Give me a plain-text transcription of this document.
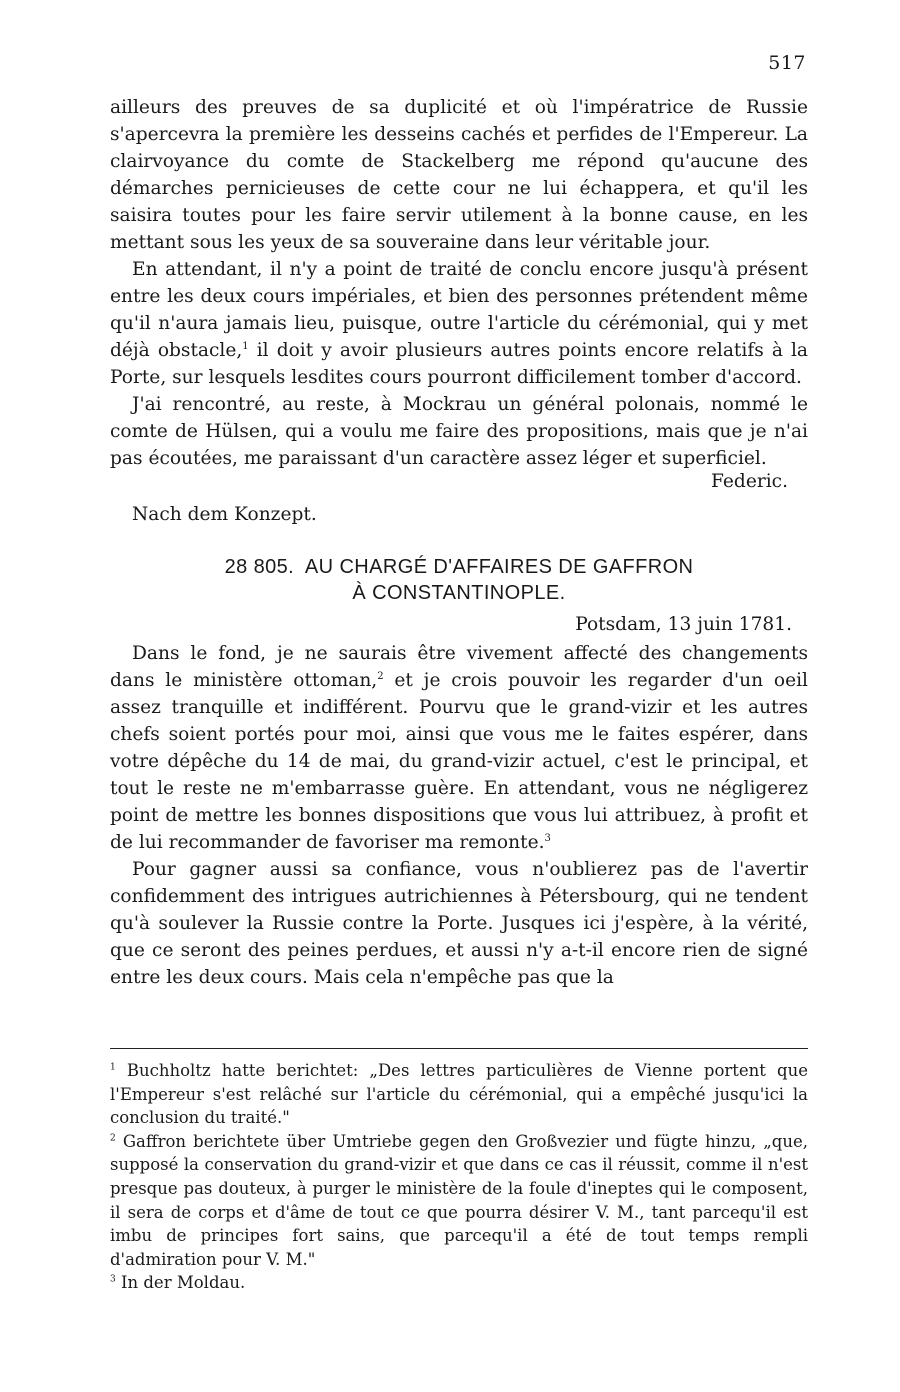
517

ailleurs des preuves de sa duplicité et où l'impératrice de Russie s'apercevra la première les desseins cachés et perfides de l'Empereur. La clairvoyance du comte de Stackelberg me répond qu'aucune des démarches pernicieuses de cette cour ne lui échappera, et qu'il les saisira toutes pour les faire servir utilement à la bonne cause, en les mettant sous les yeux de sa souveraine dans leur véritable jour.

En attendant, il n'y a point de traité de conclu encore jusqu'à présent entre les deux cours impériales, et bien des personnes prétendent même qu'il n'aura jamais lieu, puisque, outre l'article du cérémonial, qui y met déjà obstacle,$^1$ il doit y avoir plusieurs autres points encore relatifs à la Porte, sur lesquels lesdites cours pourront difficilement tomber d'accord.

J'ai rencontré, au reste, à Mockrau un général polonais, nommé le comte de Hülsen, qui a voulu me faire des propositions, mais que je n'ai pas écoutées, me paraissant d'un caractère assez léger et superficiel.

Federic.

Nach dem Konzept.

28 805. AU CHARGÉ D'AFFAIRES DE GAFFRON
À CONSTANTINOPLE.

Potsdam, 13 juin 1781.

Dans le fond, je ne saurais être vivement affecté des changements dans le ministère ottoman,$^2$ et je crois pouvoir les regarder d'un oeil assez tranquille et indifférent. Pourvu que le grand-vizir et les autres chefs soient portés pour moi, ainsi que vous me le faites espérer, dans votre dépêche du 14 de mai, du grand-vizir actuel, c'est le principal, et tout le reste ne m'embarrasse guère. En attendant, vous ne négligerez point de mettre les bonnes dispositions que vous lui attribuez, à profit et de lui recommander de favoriser ma remonte.$^3$

Pour gagner aussi sa confiance, vous n'oublierez pas de l'avertir confidemment des intrigues autrichiennes à Pétersbourg, qui ne tendent qu'à soulever la Russie contre la Porte. Jusques ici j'espère, à la vérité, que ce seront des peines perdues, et aussi n'y a-t-il encore rien de signé entre les deux cours. Mais cela n'empêche pas que la

$^1$ Buchholtz hatte berichtet: „Des lettres particulières de Vienne portent que l'Empereur s'est relâché sur l'article du cérémonial, qui a empêché jusqu'ici la conclusion du traité."

$^2$ Gaffron berichtete über Umtriebe gegen den Großvezier und fügte hinzu, „que, supposé la conservation du grand-vizir et que dans ce cas il réussit, comme il n'est presque pas douteux, à purger le ministère de la foule d'ineptes qui le composent, il sera de corps et d'âme de tout ce que pourra désirer V. M., tant parcequ'il est imbu de principes fort sains, que parcequ'il a été de tout temps rempli d'admiration pour V. M."

$^3$ In der Moldau.
